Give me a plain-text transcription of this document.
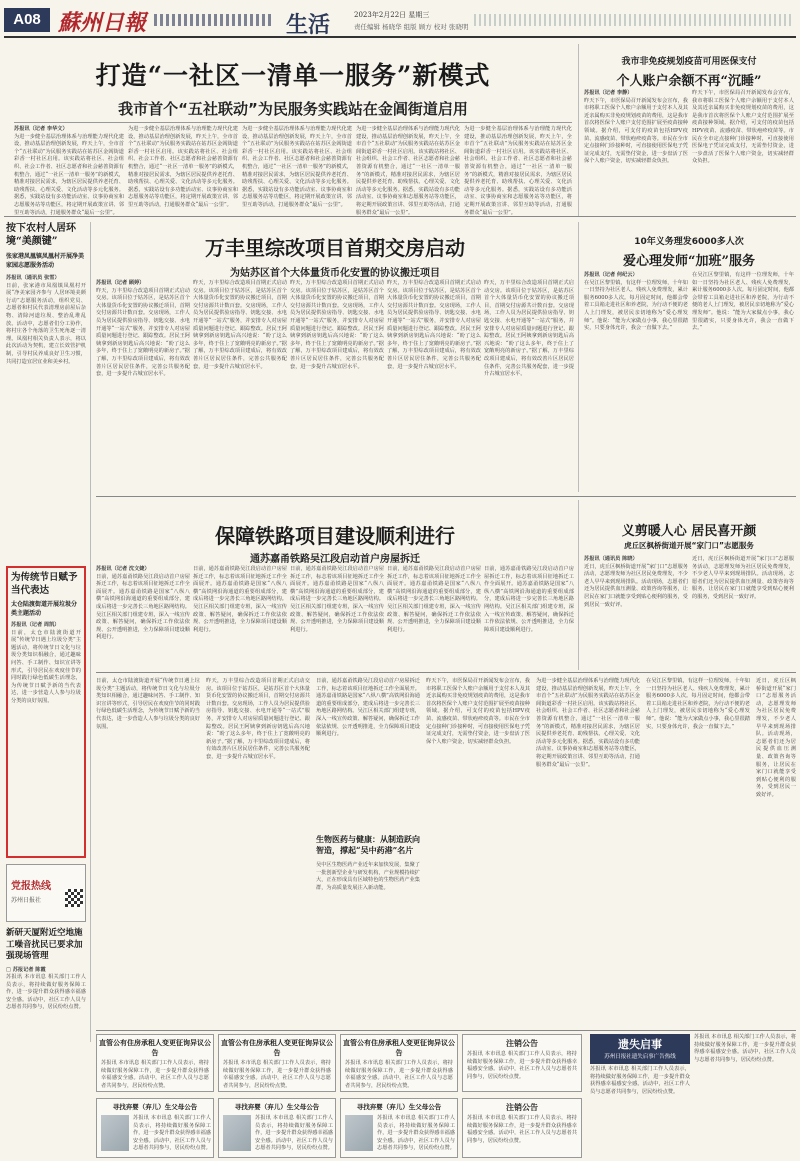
A08 蘇州日報	生活	2023年2月22日 星期三
责任编辑 杨晓华 组版 顾方 校对 张晓明
打造“一社区一清单一服务”新模式
我市首个“五社联动”为民服务实践站在金阊街道启用
苏报讯（记者 李华文）
为进一步健全基层治理体系与治理能力现代化建设，推动基层治理创新发展，昨天上午，全市首个“五社联动”为民服务实践站在姑苏区金阊街道彩香一村社区启用。该实践站将社区、社会组织、社会工作者、社区志愿者和社会慈善资源有机整合，通过“一社区一清单一服务”的新模式，精准对接居民需求，为辖区居民提供养老托育、助残帮扶、心理关爱、文化活动等多元化服务。据悉，实践站设有多功能活动室、议事协商室和志愿服务站等功能区，将定期开展政策宣讲、邻里互助等活动，打通服务群众“最后一公里”。
为进一步健全基层治理体系与治理能力现代化建设，推动基层治理创新发展，昨天上午，全市首个“五社联动”为民服务实践站在姑苏区金阊街道彩香一村社区启用。该实践站将社区、社会组织、社会工作者、社区志愿者和社会慈善资源有机整合，通过“一社区一清单一服务”的新模式，精准对接居民需求，为辖区居民提供养老托育、助残帮扶、心理关爱、文化活动等多元化服务。据悉，实践站设有多功能活动室、议事协商室和志愿服务站等功能区，将定期开展政策宣讲、邻里互助等活动，打通服务群众“最后一公里”。
为进一步健全基层治理体系与治理能力现代化建设，推动基层治理创新发展，昨天上午，全市首个“五社联动”为民服务实践站在姑苏区金阊街道彩香一村社区启用。该实践站将社区、社会组织、社会工作者、社区志愿者和社会慈善资源有机整合，通过“一社区一清单一服务”的新模式，精准对接居民需求，为辖区居民提供养老托育、助残帮扶、心理关爱、文化活动等多元化服务。据悉，实践站设有多功能活动室、议事协商室和志愿服务站等功能区，将定期开展政策宣讲、邻里互助等活动，打通服务群众“最后一公里”。
为进一步健全基层治理体系与治理能力现代化建设，推动基层治理创新发展，昨天上午，全市首个“五社联动”为民服务实践站在姑苏区金阊街道彩香一村社区启用。该实践站将社区、社会组织、社会工作者、社区志愿者和社会慈善资源有机整合，通过“一社区一清单一服务”的新模式，精准对接居民需求，为辖区居民提供养老托育、助残帮扶、心理关爱、文化活动等多元化服务。据悉，实践站设有多功能活动室、议事协商室和志愿服务站等功能区，将定期开展政策宣讲、邻里互助等活动，打通服务群众“最后一公里”。
为进一步健全基层治理体系与治理能力现代化建设，推动基层治理创新发展，昨天上午，全市首个“五社联动”为民服务实践站在姑苏区金阊街道彩香一村社区启用。该实践站将社区、社会组织、社会工作者、社区志愿者和社会慈善资源有机整合，通过“一社区一清单一服务”的新模式，精准对接居民需求，为辖区居民提供养老托育、助残帮扶、心理关爱、文化活动等多元化服务。据悉，实践站设有多功能活动室、议事协商室和志愿服务站等功能区，将定期开展政策宣讲、邻里互助等活动，打通服务群众“最后一公里”。
我市非免疫规划疫苗可用医保支付
个人账户余额不再“沉睡”
苏报讯（记者 李静）
昨天下午，市医保局召开新闻发布会宣布，我市将职工医保个人账户余额用于支付本人及其近亲属购买非免疫规划疫苗的费用，这是我市首次将医保个人账户支付范围扩展至疫苗接种领域。据介绍，可支付的疫苗包括HPV疫苗、流感疫苗、带状疱疹疫苗等。市民在全市定点接种门诊接种时，可直接使用医保电子凭证完成支付，无需垫付资金，进一步盘活了医保个人账户资金，切实减轻群众负担。
昨天下午，市医保局召开新闻发布会宣布，我市将职工医保个人账户余额用于支付本人及其近亲属购买非免疫规划疫苗的费用，这是我市首次将医保个人账户支付范围扩展至疫苗接种领域。据介绍，可支付的疫苗包括HPV疫苗、流感疫苗、带状疱疹疫苗等。市民在全市定点接种门诊接种时，可直接使用医保电子凭证完成支付，无需垫付资金，进一步盘活了医保个人账户资金，切实减轻群众负担。
按下农村人居环境“美颜键”
张家港凤凰镇凤凰村开展净美家园志愿服务活动
苏报讯（通讯员 张雪）
日前，张家港市凤凰镇凤凰村开展“净美家园齐参与 人居环境美颜行动”志愿服务活动，组织党员、志愿者和村民代表清理房前屋后杂物、清除河道垃圾、整治乱堆乱放。活动中，志愿者们分工协作，将村庄各个角落的卫生死角逐一清理。凤凰村相关负责人表示，将以此次活动为契机，建立长效管护机制，引导村民养成良好卫生习惯，共同打造宜居宜业和美乡村。
万丰里综改项目首期交房启动
为姑苏区首个大体量货币化安置的协议搬迁项目
苏报讯（记者 顾婷）
昨天，万丰里综合改造项目首期正式启动交房。该项目位于姑苏区，是姑苏区首个大体量货币化安置的协议搬迁项目，首期交付房源共计数百套。交房现场，工作人员为居民提供验房指导、钥匙交接、水电开通等“一站式”服务，并安排专人对房屋质量问题进行登记、跟踪整改。居民王阿姨拿到新房钥匙后高兴地说：“盼了这么多年，终于住上了宽敞明亮的新房子。”据了解，万丰里综改项目建成后，将有效改善片区居民居住条件，完善公共服务配套，进一步提升古城宜居水平。
昨天，万丰里综合改造项目首期正式启动交房。该项目位于姑苏区，是姑苏区首个大体量货币化安置的协议搬迁项目，首期交付房源共计数百套。交房现场，工作人员为居民提供验房指导、钥匙交接、水电开通等“一站式”服务，并安排专人对房屋质量问题进行登记、跟踪整改。居民王阿姨拿到新房钥匙后高兴地说：“盼了这么多年，终于住上了宽敞明亮的新房子。”据了解，万丰里综改项目建成后，将有效改善片区居民居住条件，完善公共服务配套，进一步提升古城宜居水平。
昨天，万丰里综合改造项目首期正式启动交房。该项目位于姑苏区，是姑苏区首个大体量货币化安置的协议搬迁项目，首期交付房源共计数百套。交房现场，工作人员为居民提供验房指导、钥匙交接、水电开通等“一站式”服务，并安排专人对房屋质量问题进行登记、跟踪整改。居民王阿姨拿到新房钥匙后高兴地说：“盼了这么多年，终于住上了宽敞明亮的新房子。”据了解，万丰里综改项目建成后，将有效改善片区居民居住条件，完善公共服务配套，进一步提升古城宜居水平。
昨天，万丰里综合改造项目首期正式启动交房。该项目位于姑苏区，是姑苏区首个大体量货币化安置的协议搬迁项目，首期交付房源共计数百套。交房现场，工作人员为居民提供验房指导、钥匙交接、水电开通等“一站式”服务，并安排专人对房屋质量问题进行登记、跟踪整改。居民王阿姨拿到新房钥匙后高兴地说：“盼了这么多年，终于住上了宽敞明亮的新房子。”据了解，万丰里综改项目建成后，将有效改善片区居民居住条件，完善公共服务配套，进一步提升古城宜居水平。
昨天，万丰里综合改造项目首期正式启动交房。该项目位于姑苏区，是姑苏区首个大体量货币化安置的协议搬迁项目，首期交付房源共计数百套。交房现场，工作人员为居民提供验房指导、钥匙交接、水电开通等“一站式”服务，并安排专人对房屋质量问题进行登记、跟踪整改。居民王阿姨拿到新房钥匙后高兴地说：“盼了这么多年，终于住上了宽敞明亮的新房子。”据了解，万丰里综改项目建成后，将有效改善片区居民居住条件，完善公共服务配套，进一步提升古城宜居水平。
10年义务理发6000多人次
爱心理发师“加班”服务
苏报讯（记者 何纪云）
在吴江区黎里镇，有这样一位理发师，十年如一日坚持为社区老人、残疾人免费理发，累计服务6000多人次。每月固定时间，他都会带着工具箱走进社区和养老院，为行动不便的老人上门理发，被居民亲切地称为“爱心理发师”。他说：“能为大家做点小事，我心里很踏实，只要身体允许，我会一直做下去。”
在吴江区黎里镇，有这样一位理发师，十年如一日坚持为社区老人、残疾人免费理发，累计服务6000多人次。每月固定时间，他都会带着工具箱走进社区和养老院，为行动不便的老人上门理发，被居民亲切地称为“爱心理发师”。他说：“能为大家做点小事，我心里很踏实，只要身体允许，我会一直做下去。”
保障铁路项目建设顺利进行
通苏嘉甬铁路吴江段启动首户房屋拆迁
苏报讯（记者 沈文婕）
日前，通苏嘉甬铁路吴江段启动首户房屋拆迁工作，标志着该项目征地拆迁工作全面展开。通苏嘉甬铁路是国家“八纵八横”高铁网沿海通道的重要组成部分，建成后将进一步完善长三角地区路网结构。吴江区相关部门组建专班，深入一线宣传政策、解答疑问，确保拆迁工作依法依规、公开透明推进，全力保障项目建设顺利进行。
日前，通苏嘉甬铁路吴江段启动首户房屋拆迁工作，标志着该项目征地拆迁工作全面展开。通苏嘉甬铁路是国家“八纵八横”高铁网沿海通道的重要组成部分，建成后将进一步完善长三角地区路网结构。吴江区相关部门组建专班，深入一线宣传政策、解答疑问，确保拆迁工作依法依规、公开透明推进，全力保障项目建设顺利进行。
日前，通苏嘉甬铁路吴江段启动首户房屋拆迁工作，标志着该项目征地拆迁工作全面展开。通苏嘉甬铁路是国家“八纵八横”高铁网沿海通道的重要组成部分，建成后将进一步完善长三角地区路网结构。吴江区相关部门组建专班，深入一线宣传政策、解答疑问，确保拆迁工作依法依规、公开透明推进，全力保障项目建设顺利进行。
日前，通苏嘉甬铁路吴江段启动首户房屋拆迁工作，标志着该项目征地拆迁工作全面展开。通苏嘉甬铁路是国家“八纵八横”高铁网沿海通道的重要组成部分，建成后将进一步完善长三角地区路网结构。吴江区相关部门组建专班，深入一线宣传政策、解答疑问，确保拆迁工作依法依规、公开透明推进，全力保障项目建设顺利进行。
日前，通苏嘉甬铁路吴江段启动首户房屋拆迁工作，标志着该项目征地拆迁工作全面展开。通苏嘉甬铁路是国家“八纵八横”高铁网沿海通道的重要组成部分，建成后将进一步完善长三角地区路网结构。吴江区相关部门组建专班，深入一线宣传政策、解答疑问，确保拆迁工作依法依规、公开透明推进，全力保障项目建设顺利进行。
义剪暖人心 居民喜开颜
虎丘区枫桥街道开展“家门口”志愿服务
苏报讯（通讯员 陈晓）
近日，虎丘区枫桥街道开展“家门口”志愿服务活动，志愿理发师为社区居民免费理发，不少老人早早来到现场排队。活动现场，志愿者们还为居民提供血压测量、政策咨询等服务，让居民在家门口就能享受到贴心便利的服务，受到居民一致好评。
近日，虎丘区枫桥街道开展“家门口”志愿服务活动，志愿理发师为社区居民免费理发，不少老人早早来到现场排队。活动现场，志愿者们还为居民提供血压测量、政策咨询等服务，让居民在家门口就能享受到贴心便利的服务，受到居民一致好评。
为传统节日赋予当代表达
太仓陆渡街道开展垃圾分类主题活动
苏报讯（记者 周凯）
日前，太仓市陆渡街道开展“传统节日遇上垃圾分类”主题活动，将传统节日文化与垃圾分类知识相融合，通过趣味问答、手工制作、知识宣讲等形式，引导居民在欢度佳节的同时践行绿色低碳生活理念，为传统节日赋予新的当代表达，进一步营造人人参与垃圾分类的良好氛围。
党报热线
苏州日报社
新研天厦附近空地施工噪音扰民已要求加强现场管理
□ 苏报记者 陈霞
苏报讯 本市讯息 相关部门工作人员表示，将持续做好服务保障工作，进一步提升群众获得感幸福感安全感。活动中，社区工作人员与志愿者共同参与，居民纷纷点赞。
日前，太仓市陆渡街道开展“传统节日遇上垃圾分类”主题活动，将传统节日文化与垃圾分类知识相融合，通过趣味问答、手工制作、知识宣讲等形式，引导居民在欢度佳节的同时践行绿色低碳生活理念，为传统节日赋予新的当代表达，进一步营造人人参与垃圾分类的良好氛围。
昨天，万丰里综合改造项目首期正式启动交房。该项目位于姑苏区，是姑苏区首个大体量货币化安置的协议搬迁项目，首期交付房源共计数百套。交房现场，工作人员为居民提供验房指导、钥匙交接、水电开通等“一站式”服务，并安排专人对房屋质量问题进行登记、跟踪整改。居民王阿姨拿到新房钥匙后高兴地说：“盼了这么多年，终于住上了宽敞明亮的新房子。”据了解，万丰里综改项目建成后，将有效改善片区居民居住条件，完善公共服务配套，进一步提升古城宜居水平。
日前，通苏嘉甬铁路吴江段启动首户房屋拆迁工作，标志着该项目征地拆迁工作全面展开。通苏嘉甬铁路是国家“八纵八横”高铁网沿海通道的重要组成部分，建成后将进一步完善长三角地区路网结构。吴江区相关部门组建专班，深入一线宣传政策、解答疑问，确保拆迁工作依法依规、公开透明推进，全力保障项目建设顺利进行。
生物医药与健康：从制造跃向智造，撑起“吴中药港”名片
吴中区生物医药产业近年来加快发展，集聚了一批创新型企业与研发机构，产业规模持续扩大，正在形成具有区域特色的生物医药产业集群，为高质量发展注入新动能。
昨天下午，市医保局召开新闻发布会宣布，我市将职工医保个人账户余额用于支付本人及其近亲属购买非免疫规划疫苗的费用，这是我市首次将医保个人账户支付范围扩展至疫苗接种领域。据介绍，可支付的疫苗包括HPV疫苗、流感疫苗、带状疱疹疫苗等。市民在全市定点接种门诊接种时，可直接使用医保电子凭证完成支付，无需垫付资金，进一步盘活了医保个人账户资金，切实减轻群众负担。
为进一步健全基层治理体系与治理能力现代化建设，推动基层治理创新发展，昨天上午，全市首个“五社联动”为民服务实践站在姑苏区金阊街道彩香一村社区启用。该实践站将社区、社会组织、社会工作者、社区志愿者和社会慈善资源有机整合，通过“一社区一清单一服务”的新模式，精准对接居民需求，为辖区居民提供养老托育、助残帮扶、心理关爱、文化活动等多元化服务。据悉，实践站设有多功能活动室、议事协商室和志愿服务站等功能区，将定期开展政策宣讲、邻里互助等活动，打通服务群众“最后一公里”。
在吴江区黎里镇，有这样一位理发师，十年如一日坚持为社区老人、残疾人免费理发，累计服务6000多人次。每月固定时间，他都会带着工具箱走进社区和养老院，为行动不便的老人上门理发，被居民亲切地称为“爱心理发师”。他说：“能为大家做点小事，我心里很踏实，只要身体允许，我会一直做下去。”
近日，虎丘区枫桥街道开展“家门口”志愿服务活动，志愿理发师为社区居民免费理发，不少老人早早来到现场排队。活动现场，志愿者们还为居民提供血压测量、政策咨询等服务，让居民在家门口就能享受到贴心便利的服务，受到居民一致好评。
直管公有住房承租人变更征询异议公告
苏报讯 本市讯息 相关部门工作人员表示，将持续做好服务保障工作，进一步提升群众获得感幸福感安全感。活动中，社区工作人员与志愿者共同参与，居民纷纷点赞。
直管公有住房承租人变更征询异议公告
苏报讯 本市讯息 相关部门工作人员表示，将持续做好服务保障工作，进一步提升群众获得感幸福感安全感。活动中，社区工作人员与志愿者共同参与，居民纷纷点赞。
直管公有住房承租人变更征询异议公告
苏报讯 本市讯息 相关部门工作人员表示，将持续做好服务保障工作，进一步提升群众获得感幸福感安全感。活动中，社区工作人员与志愿者共同参与，居民纷纷点赞。
注销公告
苏报讯 本市讯息 相关部门工作人员表示，将持续做好服务保障工作，进一步提升群众获得感幸福感安全感。活动中，社区工作人员与志愿者共同参与，居民纷纷点赞。
寻找弃婴（弃儿）生父母公告
苏报讯 本市讯息 相关部门工作人员表示，将持续做好服务保障工作，进一步提升群众获得感幸福感安全感。活动中，社区工作人员与志愿者共同参与，居民纷纷点赞。
寻找弃婴（弃儿）生父母公告
苏报讯 本市讯息 相关部门工作人员表示，将持续做好服务保障工作，进一步提升群众获得感幸福感安全感。活动中，社区工作人员与志愿者共同参与，居民纷纷点赞。
寻找弃婴（弃儿）生父母公告
苏报讯 本市讯息 相关部门工作人员表示，将持续做好服务保障工作，进一步提升群众获得感幸福感安全感。活动中，社区工作人员与志愿者共同参与，居民纷纷点赞。
注销公告
苏报讯 本市讯息 相关部门工作人员表示，将持续做好服务保障工作，进一步提升群众获得感幸福感安全感。活动中，社区工作人员与志愿者共同参与，居民纷纷点赞。
遗失启事
苏州日报社遗失启事广告热线
苏报讯 本市讯息 相关部门工作人员表示，将持续做好服务保障工作，进一步提升群众获得感幸福感安全感。活动中，社区工作人员与志愿者共同参与，居民纷纷点赞。
苏报讯 本市讯息 相关部门工作人员表示，将持续做好服务保障工作，进一步提升群众获得感幸福感安全感。活动中，社区工作人员与志愿者共同参与，居民纷纷点赞。
